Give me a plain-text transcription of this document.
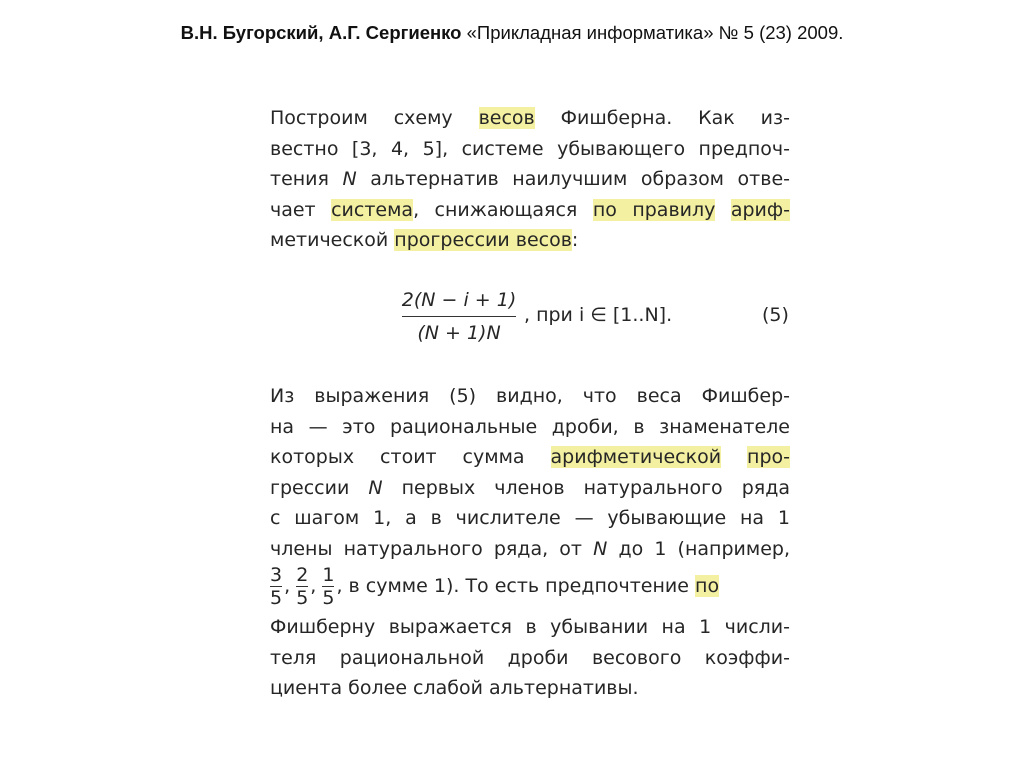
В.Н. Бугорский, А.Г. Сергиенко «Прикладная информатика» № 5 (23) 2009.
Построим схему весов Фишберна. Как из-
вестно [3, 4, 5], системе убывающего предпоч-
тения N альтернатив наилучшим образом отве-
чает система, снижающаяся по правилу ариф-
метической прогрессии весов:
2(N − i + 1)
(N + 1)N
, при i ∈ [1..N].	(5)
Из выражения (5) видно, что веса Фишбер-
на — это рациональные дроби, в знаменателе
которых стоит сумма арифметической про-
грессии N первых членов натурального ряда
с шагом 1, а в числителе — убывающие на 1
члены натурального ряда, от N до 1 (например,
$\frac{3}{5}$ , $\frac{2}{5}$ , $\frac{1}{5}$ , в сумме 1). То есть предпочтение по
Фишберну выражается в убывании на 1 числи-
теля рациональной дроби весового коэффи-
циента более слабой альтернативы.
